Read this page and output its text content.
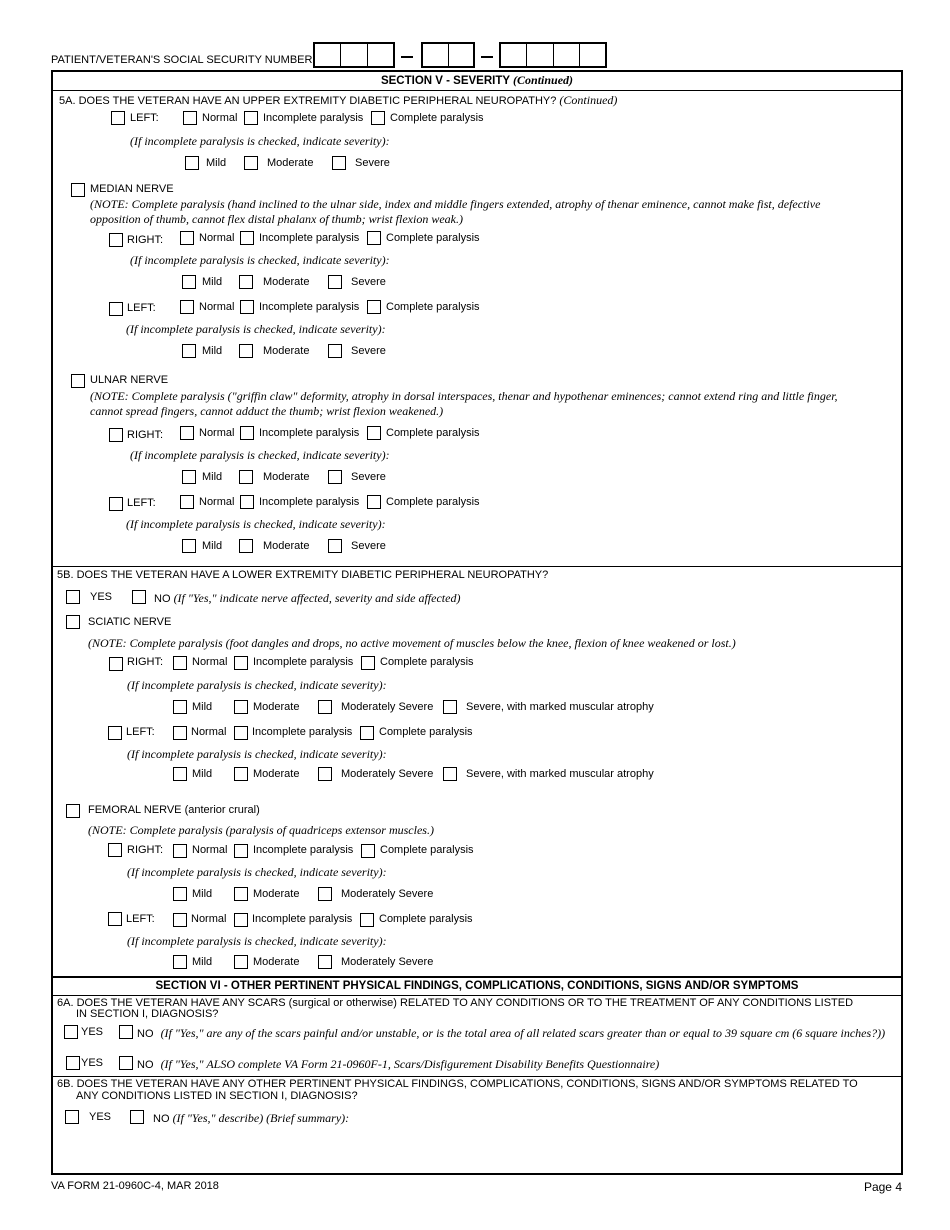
PATIENT/VETERAN'S SOCIAL SECURITY NUMBER
SECTION V - SEVERITY (Continued)
5A. DOES THE VETERAN HAVE AN UPPER EXTREMITY DIABETIC PERIPHERAL NEUROPATHY? (Continued)
LEFT:	Normal Incomplete paralysis Complete paralysis
(If incomplete paralysis is checked, indicate severity):
Mild	Moderate	Severe
MEDIAN NERVE
(NOTE: Complete paralysis (hand inclined to the ulnar side, index and middle fingers extended, atrophy of thenar eminence, cannot make fist, defective
opposition of thumb, cannot flex distal phalanx of thumb; wrist flexion weak.)
RIGHT:	Normal Incomplete paralysis Complete paralysis
(If incomplete paralysis is checked, indicate severity):
Mild	Moderate	Severe
LEFT:	Normal Incomplete paralysis Complete paralysis
(If incomplete paralysis is checked, indicate severity):
Mild	Moderate	Severe
ULNAR NERVE
(NOTE: Complete paralysis ("griffin claw" deformity, atrophy in dorsal interspaces, thenar and hypothenar eminences; cannot extend ring and little finger,
cannot spread fingers, cannot adduct the thumb; wrist flexion weakened.)
RIGHT:	Normal Incomplete paralysis Complete paralysis
(If incomplete paralysis is checked, indicate severity):
Mild	Moderate	Severe
LEFT:	Normal Incomplete paralysis Complete paralysis
(If incomplete paralysis is checked, indicate severity):
Mild	Moderate	Severe
5B. DOES THE VETERAN HAVE A LOWER EXTREMITY DIABETIC PERIPHERAL NEUROPATHY?
YES	NO (If "Yes," indicate nerve affected, severity and side affected)
SCIATIC NERVE
(NOTE: Complete paralysis (foot dangles and drops, no active movement of muscles below the knee, flexion of knee weakened or lost.)
RIGHT:	Normal Incomplete paralysis Complete paralysis
(If incomplete paralysis is checked, indicate severity):
Mild	Moderate	Moderately Severe	Severe, with marked muscular atrophy
LEFT:	Normal Incomplete paralysis Complete paralysis
(If incomplete paralysis is checked, indicate severity):
Mild	Moderate	Moderately Severe	Severe, with marked muscular atrophy
FEMORAL NERVE (anterior crural)
(NOTE: Complete paralysis (paralysis of quadriceps extensor muscles.)
RIGHT:	Normal Incomplete paralysis Complete paralysis
(If incomplete paralysis is checked, indicate severity):
Mild	Moderate	Moderately Severe
LEFT:	Normal Incomplete paralysis Complete paralysis
(If incomplete paralysis is checked, indicate severity):
Mild	Moderate	Moderately Severe
SECTION VI - OTHER PERTINENT PHYSICAL FINDINGS, COMPLICATIONS, CONDITIONS, SIGNS AND/OR SYMPTOMS
6A. DOES THE VETERAN HAVE ANY SCARS (surgical or otherwise) RELATED TO ANY CONDITIONS OR TO THE TREATMENT OF ANY CONDITIONS LISTED
IN SECTION I, DIAGNOSIS?
YES	NO (If "Yes," are any of the scars painful and/or unstable, or is the total area of all related scars greater than or equal to 39 square cm (6 square inches?))
YES	NO (If "Yes," ALSO complete VA Form 21-0960F-1, Scars/Disfigurement Disability Benefits Questionnaire)
6B. DOES THE VETERAN HAVE ANY OTHER PERTINENT PHYSICAL FINDINGS, COMPLICATIONS, CONDITIONS, SIGNS AND/OR SYMPTOMS RELATED TO
ANY CONDITIONS LISTED IN SECTION I, DIAGNOSIS?
YES	NO (If "Yes," describe) (Brief summary):
VA FORM 21-0960C-4, MAR 2018	Page 4
